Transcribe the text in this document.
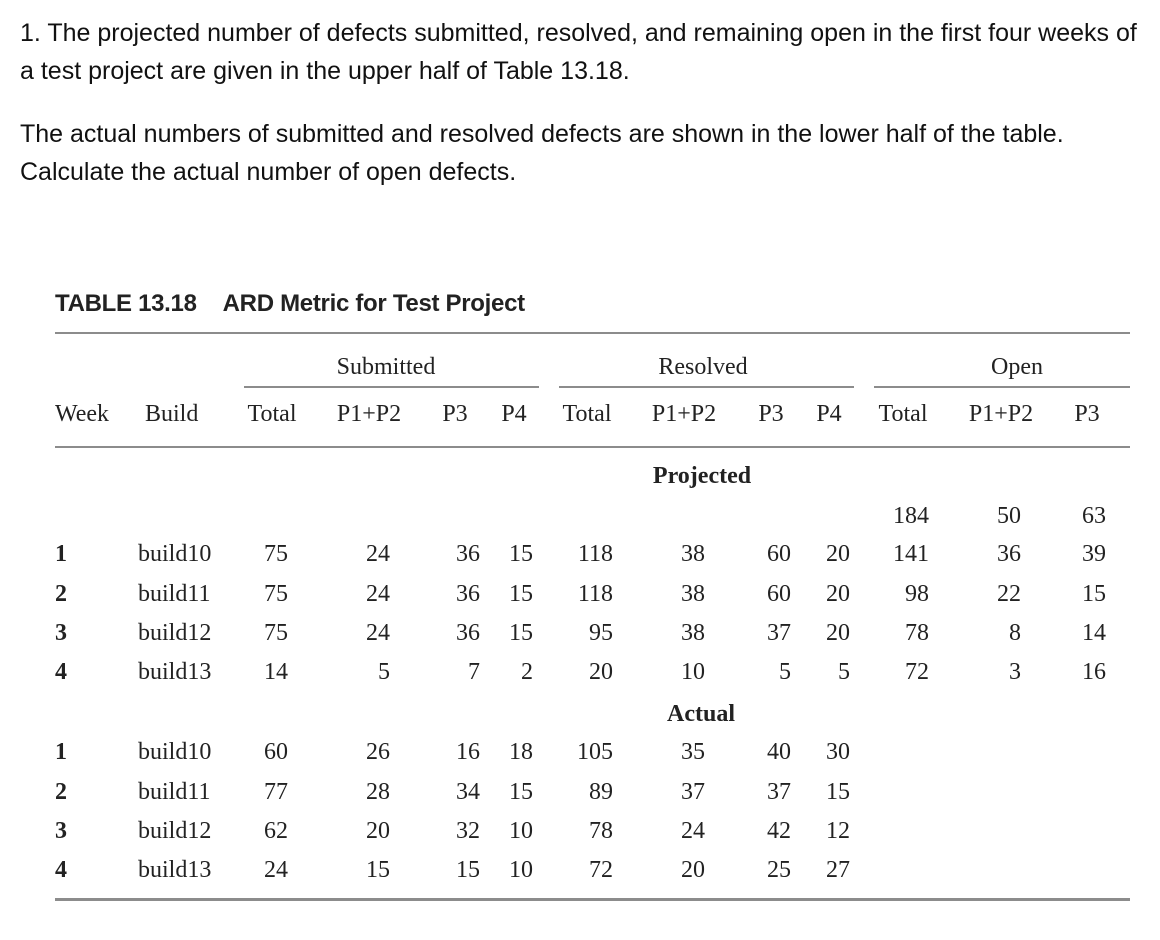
1. The projected number of defects submitted, resolved, and remaining open in the first four weeks of a test project are given in the upper half of Table 13.18.

The actual numbers of submitted and resolved defects are shown in the lower half of the table. Calculate the actual number of open defects.

TABLE 13.18 ARD Metric for Test Project
Submitted	Resolved	Open
Week Build Total P1+P2 P3 P4 Total P1+P2 P3 P4 Total P1+P2 P3
Projected
Actual
184	50	63
1	build10 75	24	36 15 118	38	60 20 141	36	39
2	build11 75	24	36 15 118	38	60 20 98	22	15
3	build12 75	24	36 15 95	38	37 20 78	8	14
4	build13 14	5	7 2 20	10	5 5 72	3	16
1	build10 60	26	16 18 105	35	40 30
2	build11 77	28	34 15 89	37	37 15
3	build12 62	20	32 10 78	24	42 12
4	build13 24	15	15 10 72	20	25 27
